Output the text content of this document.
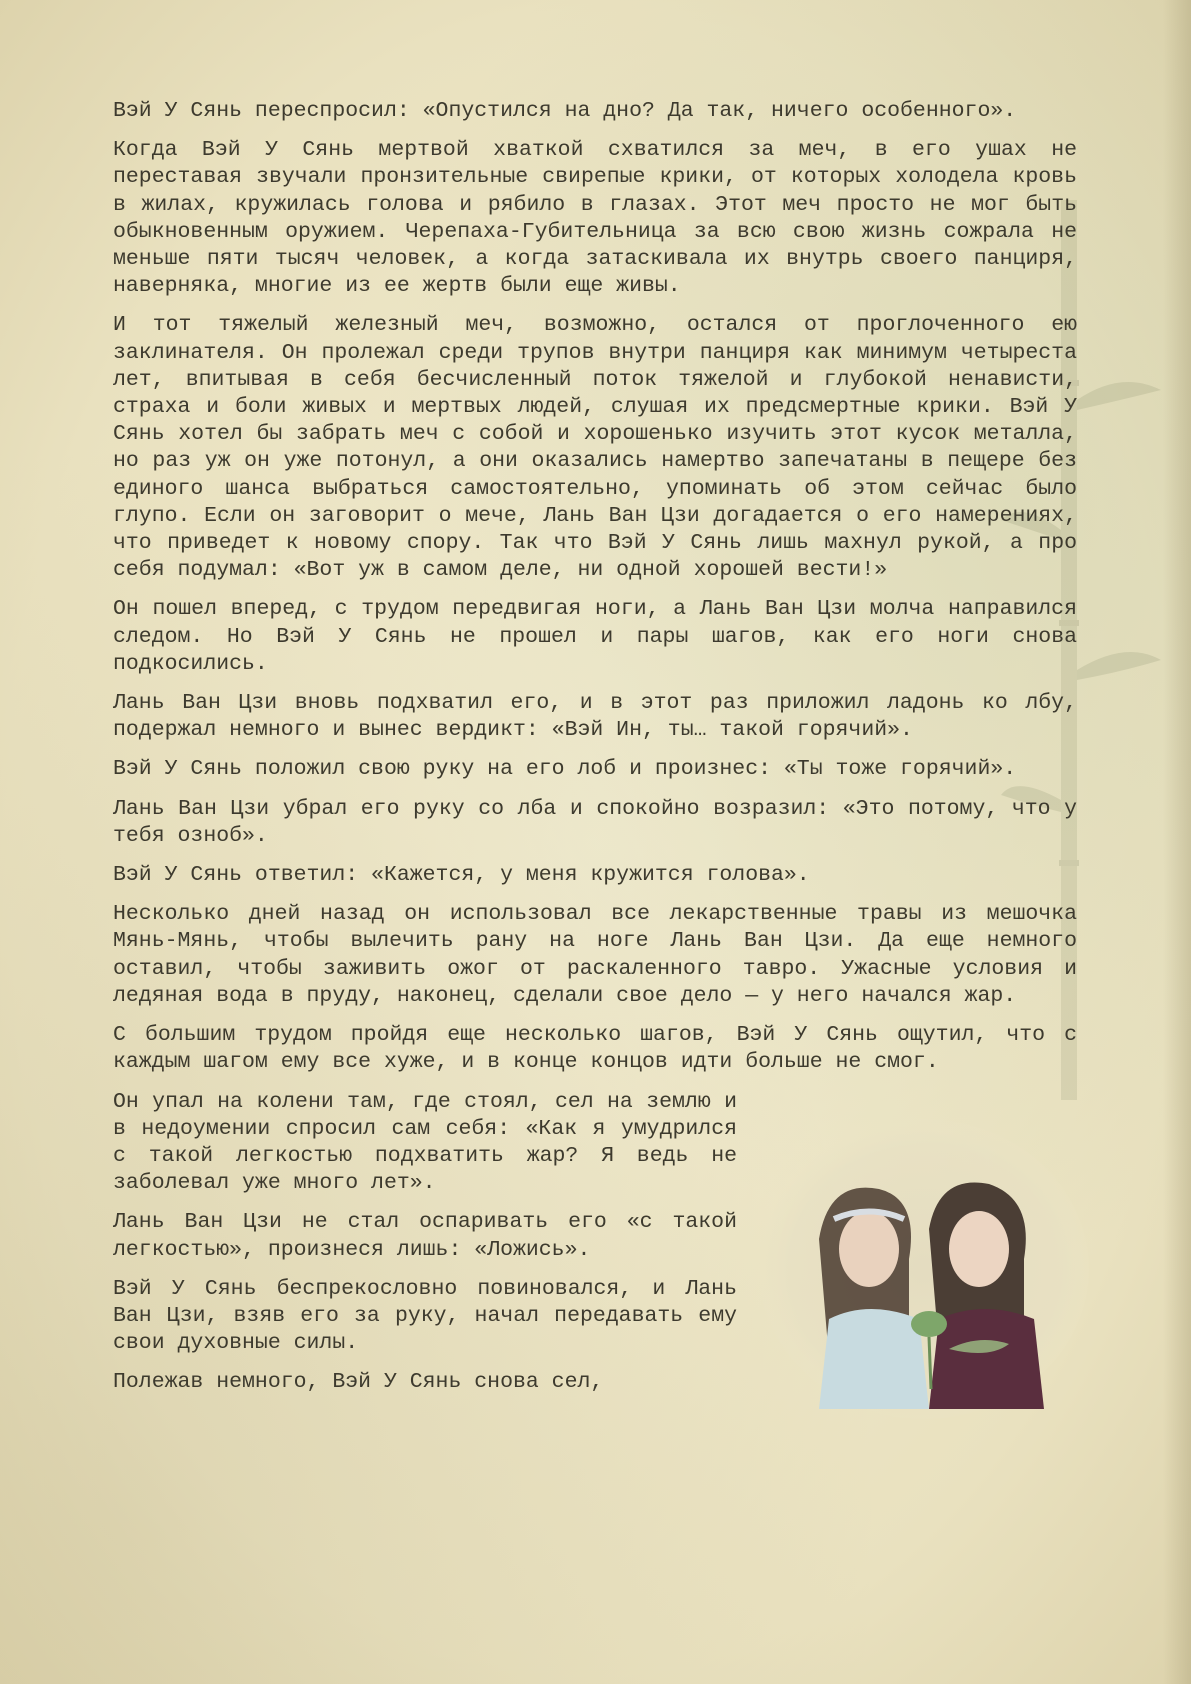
Вэй У Сянь переспросил: «Опустился на дно? Да так, ничего особенного».

Когда Вэй У Сянь мертвой хваткой схватился за меч, в его ушах не переставая звучали пронзительные свирепые крики, от которых холодела кровь в жилах, кружилась голова и рябило в глазах. Этот меч просто не мог быть обыкновенным оружием. Черепаха-Губительница за всю свою жизнь сожрала не меньше пяти тысяч человек, а когда затаскивала их внутрь своего панциря, наверняка, многие из ее жертв были еще живы.

И тот тяжелый железный меч, возможно, остался от проглоченного ею заклинателя. Он пролежал среди трупов внутри панциря как минимум четыреста лет, впитывая в себя бесчисленный поток тяжелой и глубокой ненависти, страха и боли живых и мертвых людей, слушая их предсмертные крики. Вэй У Сянь хотел бы забрать меч с собой и хорошенько изучить этот кусок металла, но раз уж он уже потонул, а они оказались намертво запечатаны в пещере без единого шанса выбраться самостоятельно, упоминать об этом сейчас было глупо. Если он заговорит о мече, Лань Ван Цзи догадается о его намерениях, что приведет к новому спору. Так что Вэй У Сянь лишь махнул рукой, а про себя подумал: «Вот уж в самом деле, ни одной хорошей вести!»

Он пошел вперед, с трудом передвигая ноги, а Лань Ван Цзи молча направился следом. Но Вэй У Сянь не прошел и пары шагов, как его ноги снова подкосились.

Лань Ван Цзи вновь подхватил его, и в этот раз приложил ладонь ко лбу, подержал немного и вынес вердикт: «Вэй Ин, ты… такой горячий».

Вэй У Сянь положил свою руку на его лоб и произнес: «Ты тоже горячий».

Лань Ван Цзи убрал его руку со лба и спокойно возразил: «Это потому, что у тебя озноб».

Вэй У Сянь ответил: «Кажется, у меня кружится голова».

Несколько дней назад он использовал все лекарственные травы из мешочка Мянь-Мянь, чтобы вылечить рану на ноге Лань Ван Цзи. Да еще немного оставил, чтобы заживить ожог от раскаленного тавро. Ужасные условия и ледяная вода в пруду, наконец, сделали свое дело — у него начался жар.

С большим трудом пройдя еще несколько шагов, Вэй У Сянь ощутил, что с каждым шагом ему все хуже, и в конце концов идти больше не смог.

Он упал на колени там, где стоял, сел на землю и в недоумении спросил сам себя: «Как я умудрился с такой легкостью подхватить жар? Я ведь не заболевал уже много лет».

Лань Ван Цзи не стал оспаривать его «с такой легкостью», произнеся лишь: «Ложись».

Вэй У Сянь беспрекословно повиновался, и Лань Ван Цзи, взяв его за руку, начал передавать ему свои духовные силы.

Полежав немного, Вэй У Сянь снова сел,
